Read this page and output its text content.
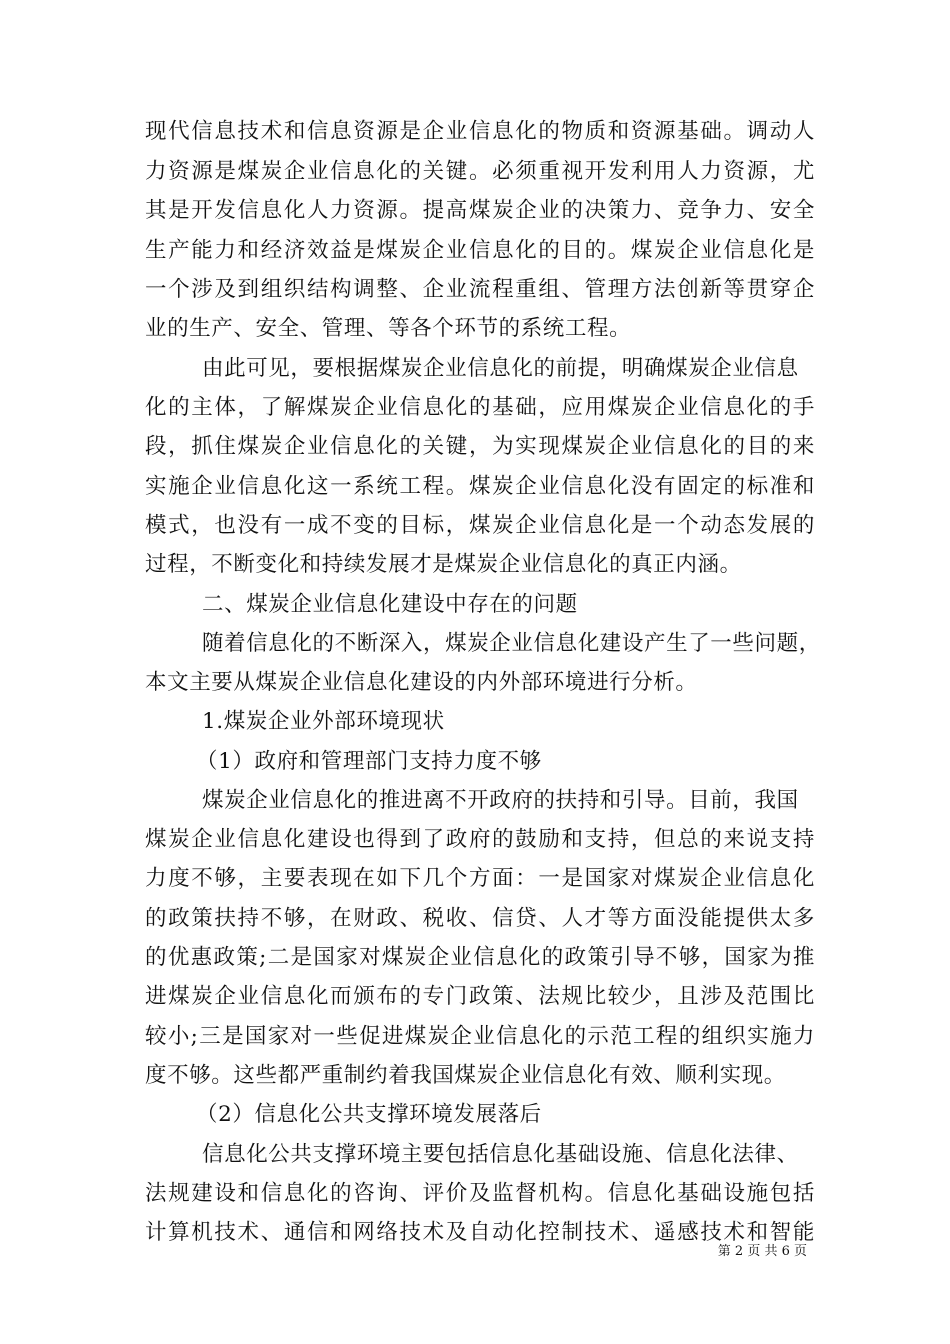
现代信息技术和信息资源是企业信息化的物质和资源基础。调动人
力资源是煤炭企业信息化的关键。必须重视开发利用人力资源，尤
其是开发信息化人力资源。提高煤炭企业的决策力、竞争力、安全
生产能力和经济效益是煤炭企业信息化的目的。煤炭企业信息化是
一个涉及到组织结构调整、企业流程重组、管理方法创新等贯穿企
业的生产、安全、管理、等各个环节的系统工程。
由此可见，要根据煤炭企业信息化的前提，明确煤炭企业信息
化的主体，了解煤炭企业信息化的基础，应用煤炭企业信息化的手
段，抓住煤炭企业信息化的关键，为实现煤炭企业信息化的目的来
实施企业信息化这一系统工程。煤炭企业信息化没有固定的标准和
模式，也没有一成不变的目标，煤炭企业信息化是一个动态发展的
过程，不断变化和持续发展才是煤炭企业信息化的真正内涵。
二、煤炭企业信息化建设中存在的问题
随着信息化的不断深入，煤炭企业信息化建设产生了一些问题，
本文主要从煤炭企业信息化建设的内外部环境进行分析。
1.煤炭企业外部环境现状
（1）政府和管理部门支持力度不够
煤炭企业信息化的推进离不开政府的扶持和引导。目前，我国
煤炭企业信息化建设也得到了政府的鼓励和支持，但总的来说支持
力度不够，主要表现在如下几个方面：一是国家对煤炭企业信息化
的政策扶持不够，在财政、税收、信贷、人才等方面没能提供太多
的优惠政策;二是国家对煤炭企业信息化的政策引导不够，国家为推
进煤炭企业信息化而颁布的专门政策、法规比较少，且涉及范围比
较小;三是国家对一些促进煤炭企业信息化的示范工程的组织实施力
度不够。这些都严重制约着我国煤炭企业信息化有效、顺利实现。
（2）信息化公共支撑环境发展落后
信息化公共支撑环境主要包括信息化基础设施、信息化法律、
法规建设和信息化的咨询、评价及监督机构。信息化基础设施包括
计算机技术、通信和网络技术及自动化控制技术、遥感技术和智能
第 2 页 共 6 页
